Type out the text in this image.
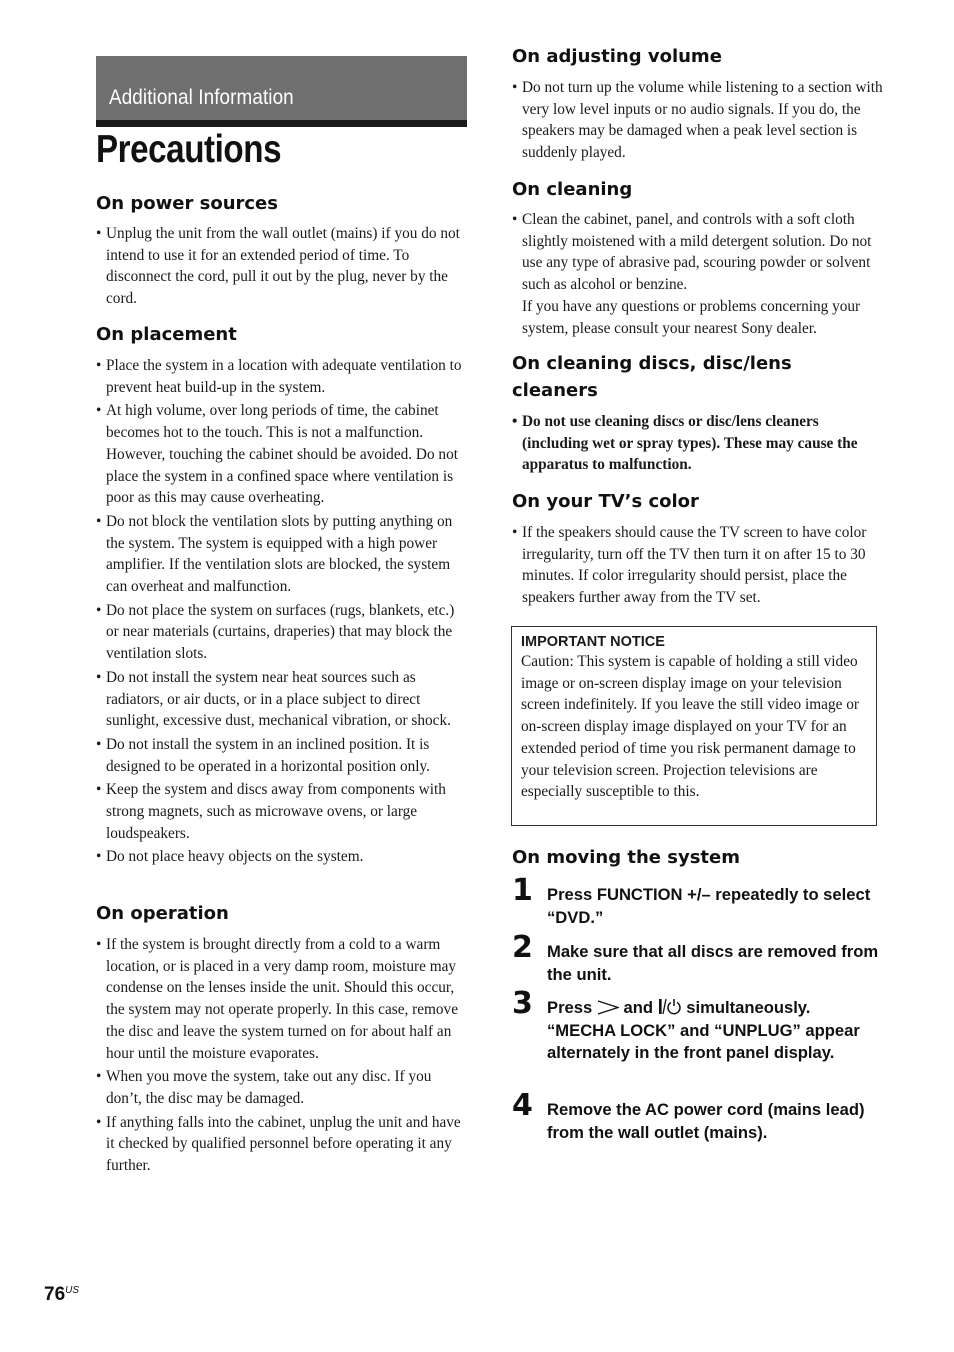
Additional Information
Precautions
On power sources
• Unplug the unit from the wall outlet (mains) if you do not intend to use it for an extended period of time. To disconnect the cord, pull it out by the plug, never by the cord.
On placement
• Place the system in a location with adequate ventilation to prevent heat build-up in the system.
• At high volume, over long periods of time, the cabinet becomes hot to the touch. This is not a malfunction. However, touching the cabinet should be avoided. Do not place the system in a confined space where ventilation is poor as this may cause overheating.
• Do not block the ventilation slots by putting anything on the system. The system is equipped with a high power amplifier. If the ventilation slots are blocked, the system can overheat and malfunction.
• Do not place the system on surfaces (rugs, blankets, etc.) or near materials (curtains, draperies) that may block the ventilation slots.
• Do not install the system near heat sources such as radiators, or air ducts, or in a place subject to direct sunlight, excessive dust, mechanical vibration, or shock.
• Do not install the system in an inclined position. It is designed to be operated in a horizontal position only.
• Keep the system and discs away from components with strong magnets, such as microwave ovens, or large loudspeakers.
• Do not place heavy objects on the system.
On operation
• If the system is brought directly from a cold to a warm location, or is placed in a very damp room, moisture may condense on the lenses inside the unit. Should this occur, the system may not operate properly. In this case, remove the disc and leave the system turned on for about half an hour until the moisture evaporates.
• When you move the system, take out any disc. If you don’t, the disc may be damaged.
• If anything falls into the cabinet, unplug the unit and have it checked by qualified personnel before operating it any further.
On adjusting volume
• Do not turn up the volume while listening to a section with very low level inputs or no audio signals. If you do, the speakers may be damaged when a peak level section is suddenly played.
On cleaning
• Clean the cabinet, panel, and controls with a soft cloth slightly moistened with a mild detergent solution. Do not use any type of abrasive pad, scouring powder or solvent such as alcohol or benzine.
If you have any questions or problems concerning your system, please consult your nearest Sony dealer.
On cleaning discs, disc/lens
cleaners
• Do not use cleaning discs or disc/lens cleaners (including wet or spray types). These may cause the apparatus to malfunction.
On your TV’s color
• If the speakers should cause the TV screen to have color irregularity, turn off the TV then turn it on after 15 to 30 minutes. If color irregularity should persist, place the speakers further away from the TV set.
IMPORTANT NOTICE
Caution: This system is capable of holding a still video image or on-screen display image on your television screen indefinitely. If you leave the still video image or on-screen display image displayed on your TV for an extended period of time you risk permanent damage to your television screen. Projection televisions are especially susceptible to this.
On moving the system
1 Press FUNCTION +/– repeatedly to select “DVD.”
2 Make sure that all discs are removed from the unit.
3 Press and simultaneously.
“MECHA LOCK” and “UNPLUG” appear alternately in the front panel display.
4 Remove the AC power cord (mains lead) from the wall outlet (mains).
$76^{US}$
